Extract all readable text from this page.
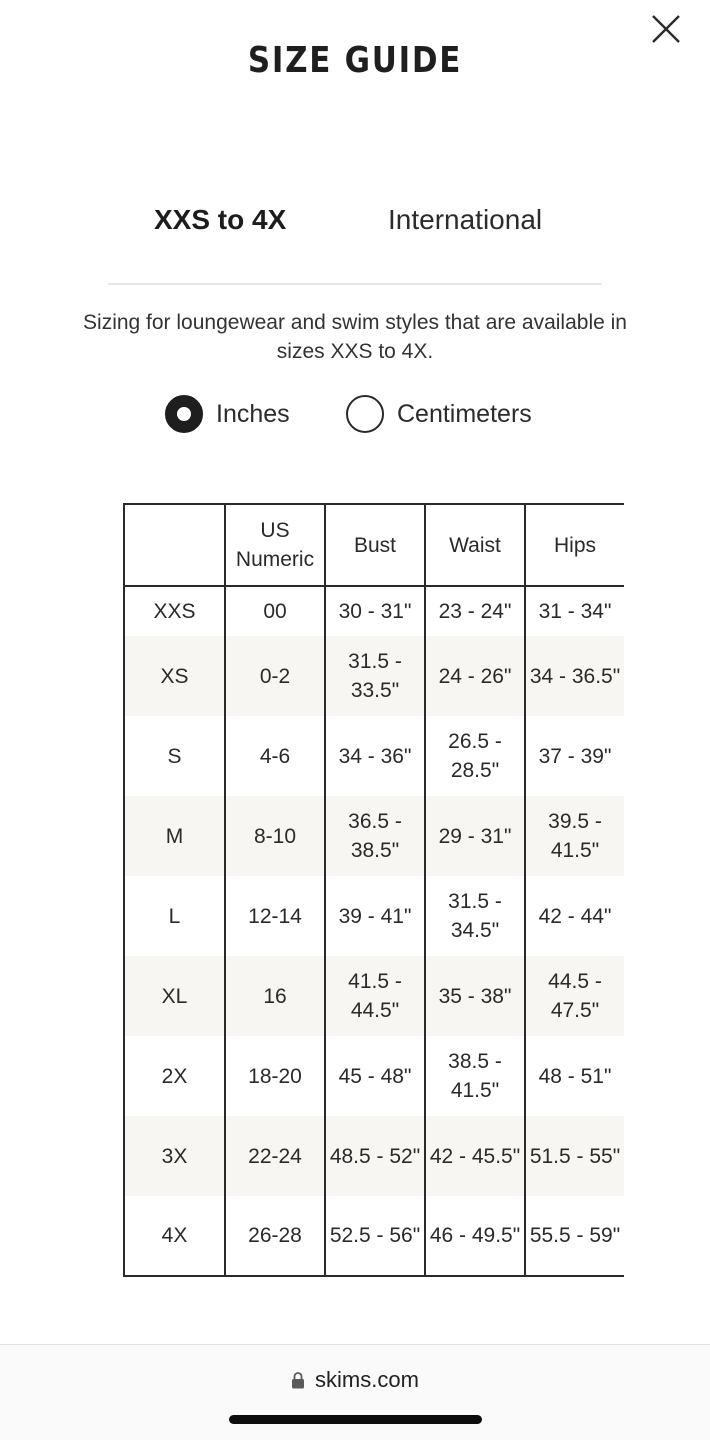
SIZE GUIDE
XXS to 4X	International
Sizing for loungewear and swim styles that are available in sizes XXS to 4X.
Inches	Centimeters
	US Numeric	Bust	Waist	Hips
XXS	00	30 - 31"	23 - 24"	31 - 34"
XS	0-2	31.5 - 33.5"	24 - 26"	34 - 36.5"
S	4-6	34 - 36"	26.5 - 28.5"	37 - 39"
M	8-10	36.5 - 38.5"	29 - 31"	39.5 - 41.5"
L	12-14	39 - 41"	31.5 - 34.5"	42 - 44"
XL	16	41.5 - 44.5"	35 - 38"	44.5 - 47.5"
2X	18-20	45 - 48"	38.5 - 41.5"	48 - 51"
3X	22-24	48.5 - 52"	42 - 45.5"	51.5 - 55"
4X	26-28	52.5 - 56"	46 - 49.5"	55.5 - 59"
skims.com
